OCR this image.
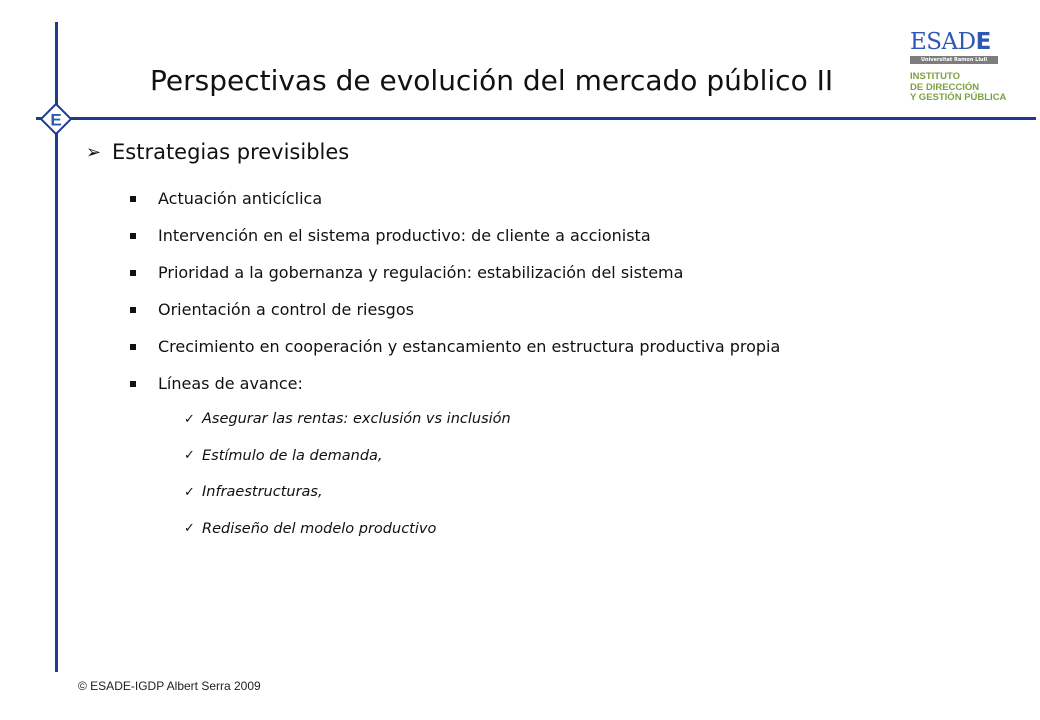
E
Perspectivas de evolución del mercado público II
ESADE
Universitat Ramon Llull
INSTITUTO
DE DIRECCIÓN
Y GESTIÓN PÚBLICA
➢ Estrategias previsibles
Actuación anticíclica
Intervención en el sistema productivo: de cliente a accionista
Prioridad a la gobernanza y regulación: estabilización del sistema
Orientación a control de riesgos
Crecimiento en cooperación y estancamiento en estructura productiva propia
Líneas de avance:
✓ Asegurar las rentas: exclusión vs inclusión
✓ Estímulo de la demanda,
✓ Infraestructuras,
✓ Rediseño del modelo productivo
© ESADE-IGDP Albert Serra 2009
